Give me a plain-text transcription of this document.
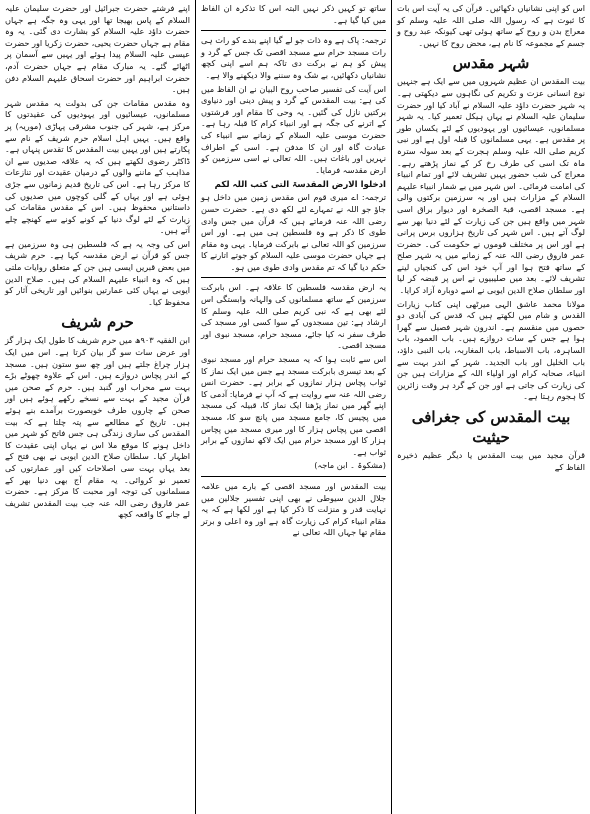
اس کو اپنی نشانیاں دکھائیں۔ قرآن کی یہ آیت اس بات کا ثبوت ہے کہ رسول اللہ صلی اللہ علیہ وسلم کو معراج بدن و روح کے ساتھ ہوئی تھی کیونکہ عبد روح و جسم کے مجموعہ کا نام ہے، محض روح کا نہیں۔

شہر مقدس

بیت المقدس ان عظیم شہروں میں سے ایک ہے جنہیں نوع انسانی عزت و تکریم کی نگاہوں سے دیکھتی ہے۔ یہ شہر حضرت داؤد علیہ السلام نے آباد کیا اور حضرت سلیمان علیہ السلام نے یہاں ہیکل تعمیر کیا۔ یہ شہر مسلمانوں، عیسائیوں اور یہودیوں کے لئے یکساں طور پر مقدس ہے۔ یہی مسلمانوں کا قبلہ اول ہے اور نبی کریم صلی اللہ علیہ وسلم ہجرت کے بعد سولہ سترہ ماہ تک اسی کی طرف رخ کر کے نماز پڑھتے رہے۔ معراج کی شب حضور یہیں تشریف لائے اور تمام انبیاء کی امامت فرمائی۔ اس شہر میں بے شمار انبیاء علیہم السلام کے مزارات ہیں اور یہ سرزمین برکتوں والی ہے۔ مسجد اقصی، قبۃ الصخرہ اور دیوار براق اسی شہر میں واقع ہیں جن کی زیارت کے لئے دنیا بھر سے لوگ آتے ہیں۔ اس شہر کی تاریخ ہزاروں برس پرانی ہے اور اس پر مختلف قوموں نے حکومت کی۔ حضرت عمر فاروق رضی اللہ عنہ کے زمانے میں یہ شہر صلح کے ساتھ فتح ہوا اور آپ خود اس کی کنجیاں لینے تشریف لائے۔ بعد میں صلیبیوں نے اس پر قبضہ کر لیا اور سلطان صلاح الدین ایوبی نے اسے دوبارہ آزاد کرایا۔

مولانا محمد عاشق الہی میرٹھی اپنی کتاب زیارات القدس و شام میں لکھتے ہیں کہ قدس کی آبادی دو حصوں میں منقسم ہے۔ اندرون شہر فصیل سے گھرا ہوا ہے جس کے سات دروازے ہیں۔ باب العمود، باب الساہرہ، باب الاسباط، باب المغاربہ، باب النبی داؤد، باب الخلیل اور باب الجدید۔ شہر کے اندر بہت سے انبیاء، صحابہ کرام اور اولیاء اللہ کے مزارات ہیں جن کی زیارت کی جاتی ہے اور جن کے گرد ہر وقت زائرین کا ہجوم رہتا ہے۔

بیت المقدس کی جغرافی حیثیت

قرآن مجید میں بیت المقدس یا دیگر عظیم ذخیرہ الفاظ کے

ساتھ تو کہیں ذکر نہیں البتہ اس کا تذکرہ ان الفاظ میں کیا گیا ہے۔

ترجمہ: پاک ہے وہ ذات جو لے گیا اپنے بندے کو رات ہی رات مسجد حرام سے مسجد اقصی تک جس کے گرد و پیش کو ہم نے برکت دی تاکہ ہم اسے اپنی کچھ نشانیاں دکھائیں، بے شک وہ سننے والا دیکھنے والا ہے۔

اس آیت کی تفسیر صاحب روح البیان نے ان الفاظ میں کی ہے: بیت المقدس کے گرد و پیش دینی اور دنیاوی برکتیں نازل کی گئیں۔ یہ وحی کا مقام اور فرشتوں کے اترنے کی جگہ ہے اور انبیاء کرام کا قبلہ رہا ہے۔ حضرت موسی علیہ السلام کے زمانے سے انبیاء کی عبادت گاہ اور ان کا مدفن ہے۔ اسی کے اطراف نہریں اور باغات ہیں۔ اللہ تعالی نے اسی سرزمین کو ارض مقدسہ فرمایا۔

ادخلوا الارض المقدسۃ التی کتب اللہ لکم

ترجمہ: اے میری قوم اس مقدس زمین میں داخل ہو جاؤ جو اللہ نے تمہارے لئے لکھ دی ہے۔ حضرت حسن رضی اللہ عنہ فرماتے ہیں کہ قرآن میں جس وادی طوی کا ذکر ہے وہ فلسطین ہی میں ہے۔ اور اس سرزمین کو اللہ تعالی نے بابرکت فرمایا۔ یہی وہ مقام ہے جہاں حضرت موسی علیہ السلام کو جوتے اتارنے کا حکم دیا گیا کہ تم مقدس وادی طوی میں ہو۔

یہ ارض مقدسہ فلسطین کا علاقہ ہے۔ اس بابرکت سرزمین کے ساتھ مسلمانوں کی والہانہ وابستگی اس لئے بھی ہے کہ نبی کریم صلی اللہ علیہ وسلم کا ارشاد ہے: تین مسجدوں کے سوا کسی اور مسجد کی طرف سفر نہ کیا جائے، مسجد حرام، مسجد نبوی اور مسجد اقصی۔

اس سے ثابت ہوا کہ یہ مسجد حرام اور مسجد نبوی کے بعد تیسری بابرکت مسجد ہے جس میں ایک نماز کا ثواب پچاس ہزار نمازوں کے برابر ہے۔ حضرت انس رضی اللہ عنہ سے روایت ہے کہ آپ نے فرمایا: آدمی کا اپنے گھر میں نماز پڑھنا ایک نماز کا، قبیلہ کی مسجد میں پچیس کا، جامع مسجد میں پانچ سو کا، مسجد اقصی میں پچاس ہزار کا اور میری مسجد میں پچاس ہزار کا اور مسجد حرام میں ایک لاکھ نمازوں کے برابر ثواب ہے۔

(مشکوۃ ۔ ابن ماجہ)

بیت المقدس اور مسجد اقصی کے بارے میں علامہ جلال الدین سیوطی نے بھی اپنی تفسیر جلالین میں نہایت قدر و منزلت کا ذکر کیا ہے اور لکھا ہے کہ یہ مقام انبیاء کرام کی زیارت گاہ ہے اور وہ اعلی و برتر مقام تھا جہاں اللہ تعالی نے

اپنے فرشتے حضرت جبرائیل اور حضرت سلیمان علیہ السلام کے پاس بھیجا تھا اور یہی وہ جگہ ہے جہاں حضرت داؤد علیہ السلام کو بشارت دی گئی۔ یہ وہ مقام ہے جہاں حضرت یحیی، حضرت زکریا اور حضرت عیسی علیہ السلام پیدا ہوئے اور یہیں سے آسمان پر اٹھائے گئے۔ یہ مبارک مقام ہے جہاں حضرت آدم، حضرت ابراہیم اور حضرت اسحاق علیہم السلام دفن ہیں۔

وہ مقدس مقامات جن کی بدولت یہ مقدس شہر مسلمانوں، عیسائیوں اور یہودیوں کی عقیدتوں کا مرکز ہے، شہر کی جنوب مشرقی پہاڑی (موریہ) پر واقع ہیں۔ یہیں اہل اسلام حرم شریف کے نام سے پکارتے ہیں اور یہیں بیت المقدس کا تقدس پنہاں ہے۔ ڈاکٹر رضوی لکھتے ہیں کہ یہ علاقہ صدیوں سے ان مذاہب کے ماننے والوں کے درمیان عقیدت اور تنازعات کا مرکز رہا ہے۔ اس کی تاریخ قدیم زمانوں سے جڑی ہوئی ہے اور یہاں کے گلی کوچوں میں صدیوں کی داستانیں محفوظ ہیں۔ اس کے مقدس مقامات کی زیارت کے لئے لوگ دنیا کے کونے کونے سے کھنچے چلے آتے ہیں۔

اس کی وجہ یہ ہے کہ فلسطین ہی وہ سرزمین ہے جس کو قرآن نے ارض مقدسہ کہا ہے۔ حرم شریف میں بعض قبریں ایسی ہیں جن کے متعلق روایات ملتی ہیں کہ وہ انبیاء علیہم السلام کی ہیں۔ صلاح الدین ایوبی نے یہاں کئی عمارتیں بنوائیں اور تاریخی آثار کو محفوظ کیا۔

حرم شریف

ابن الفقیہ ۹۰۳ھ میں حرم شریف کا طول ایک ہزار گز اور عرض سات سو گز بیان کرتا ہے۔ اس میں ایک ہزار چراغ جلتے ہیں اور چھ سو ستون ہیں۔ مسجد کے اندر پچاس دروازے ہیں۔ اس کے علاوہ چھوٹے بڑے بہت سے محراب اور گنبد ہیں۔ حرم کے صحن میں قرآن مجید کے بہت سے نسخے رکھے ہوئے ہیں اور صحن کے چاروں طرف خوبصورت برآمدے بنے ہوئے ہیں۔ تاریخ کے مطالعے سے پتہ چلتا ہے کہ بیت المقدس کی ساری زندگی ہی جس فاتح کو شہر میں داخل ہونے کا موقع ملا اس نے یہاں اپنی عقیدت کا اظہار کیا۔ سلطان صلاح الدین ایوبی نے بھی فتح کے بعد یہاں بہت سی اصلاحات کیں اور عمارتوں کی تعمیر نو کروائی۔ یہ مقام آج بھی دنیا بھر کے مسلمانوں کی توجہ اور محبت کا مرکز ہے۔ حضرت عمر فاروق رضی اللہ عنہ جب بیت المقدس تشریف لے جانے کا واقعہ کچھ
